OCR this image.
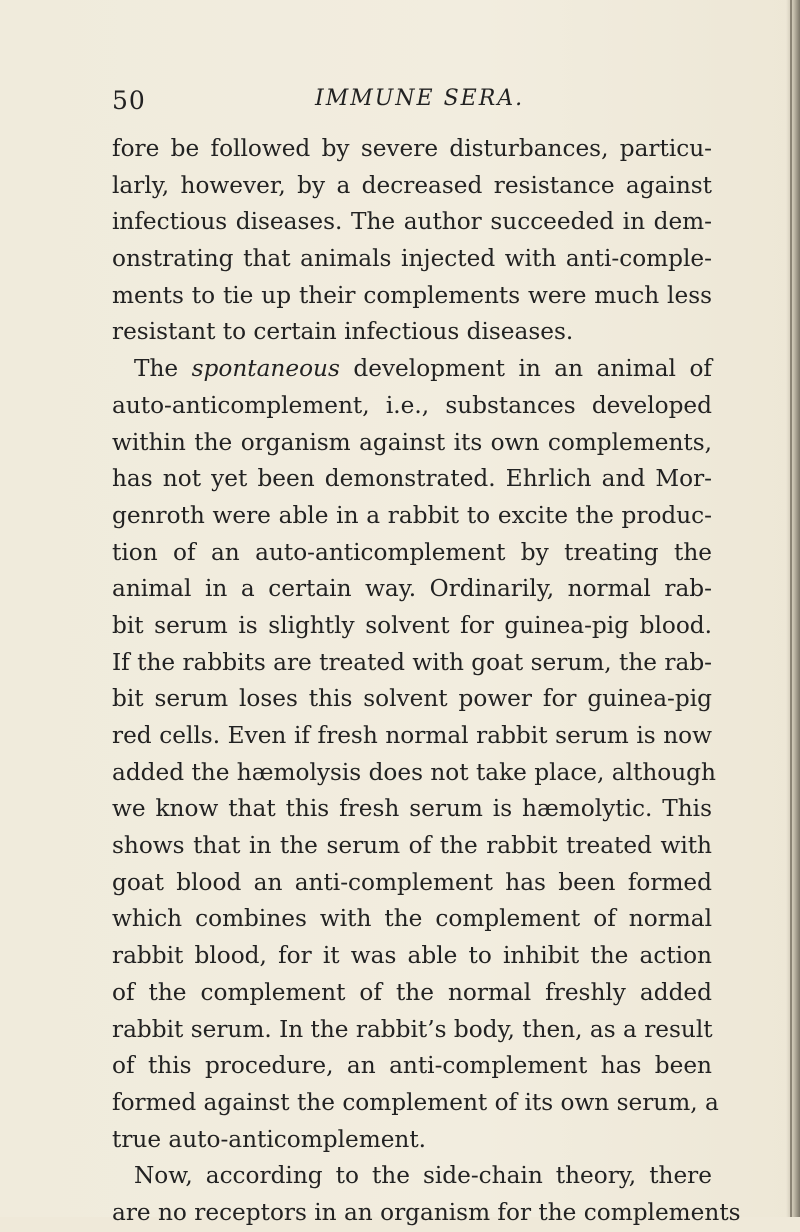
50	IMMUNE SERA.
fore be followed by severe disturbances, particu-
larly, however, by a decreased resistance against
infectious diseases. The author succeeded in dem-
onstrating that animals injected with anti-comple-
ments to tie up their complements were much less
resistant to certain infectious diseases.
The spontaneous development in an animal of
auto-anticomplement, i.e., substances developed
within the organism against its own complements,
has not yet been demonstrated. Ehrlich and Mor-
genroth were able in a rabbit to excite the produc-
tion of an auto-anticomplement by treating the
animal in a certain way. Ordinarily, normal rab-
bit serum is slightly solvent for guinea-pig blood.
If the rabbits are treated with goat serum, the rab-
bit serum loses this solvent power for guinea-pig
red cells. Even if fresh normal rabbit serum is now
added the hæmolysis does not take place, although
we know that this fresh serum is hæmolytic. This
shows that in the serum of the rabbit treated with
goat blood an anti-complement has been formed
which combines with the complement of normal
rabbit blood, for it was able to inhibit the action
of the complement of the normal freshly added
rabbit serum. In the rabbit’s body, then, as a result
of this procedure, an anti-complement has been
formed against the complement of its own serum, a
true auto-anticomplement.
Now, according to the side-chain theory, there
are no receptors in an organism for the complements
